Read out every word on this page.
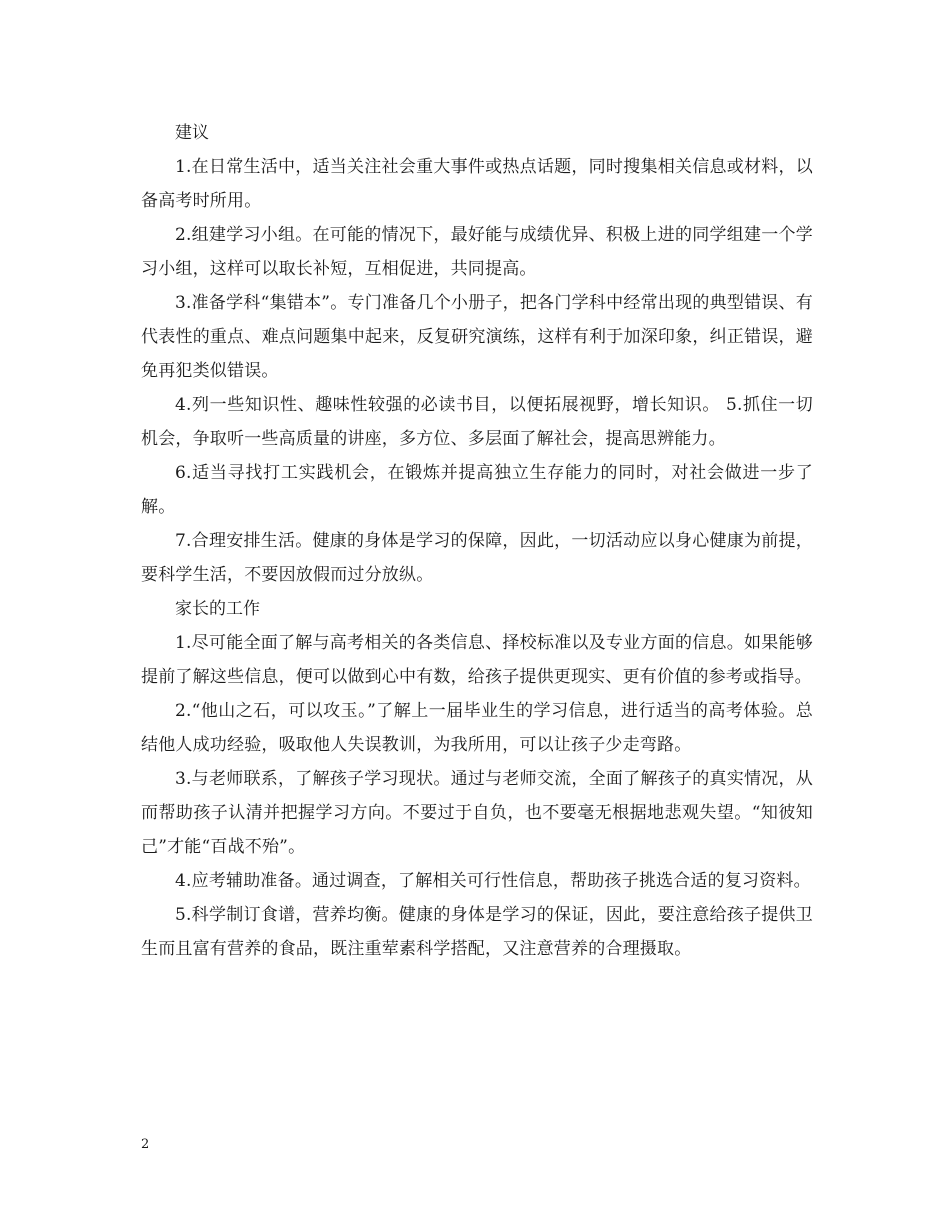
建议

1.在日常生活中，适当关注社会重大事件或热点话题，同时搜集相关信息或材料，以备高考时所用。

2.组建学习小组。在可能的情况下，最好能与成绩优异、积极上进的同学组建一个学习小组，这样可以取长补短，互相促进，共同提高。

3.准备学科“集错本”。专门准备几个小册子，把各门学科中经常出现的典型错误、有代表性的重点、难点问题集中起来，反复研究演练，这样有利于加深印象，纠正错误，避免再犯类似错误。

4.列一些知识性、趣味性较强的必读书目，以便拓展视野，增长知识。 5.抓住一切机会，争取听一些高质量的讲座，多方位、多层面了解社会，提高思辨能力。

6.适当寻找打工实践机会，在锻炼并提高独立生存能力的同时，对社会做进一步了解。

7.合理安排生活。健康的身体是学习的保障，因此，一切活动应以身心健康为前提，要科学生活，不要因放假而过分放纵。

家长的工作

1.尽可能全面了解与高考相关的各类信息、择校标准以及专业方面的信息。如果能够提前了解这些信息，便可以做到心中有数，给孩子提供更现实、更有价值的参考或指导。

2.“他山之石，可以攻玉。”了解上一届毕业生的学习信息，进行适当的高考体验。总结他人成功经验，吸取他人失误教训，为我所用，可以让孩子少走弯路。

3.与老师联系，了解孩子学习现状。通过与老师交流，全面了解孩子的真实情况，从而帮助孩子认清并把握学习方向。不要过于自负，也不要毫无根据地悲观失望。“知彼知己”才能“百战不殆”。

4.应考辅助准备。通过调查，了解相关可行性信息，帮助孩子挑选合适的复习资料。

5.科学制订食谱，营养均衡。健康的身体是学习的保证，因此，要注意给孩子提供卫生而且富有营养的食品，既注重荤素科学搭配，又注意营养的合理摄取。

2
